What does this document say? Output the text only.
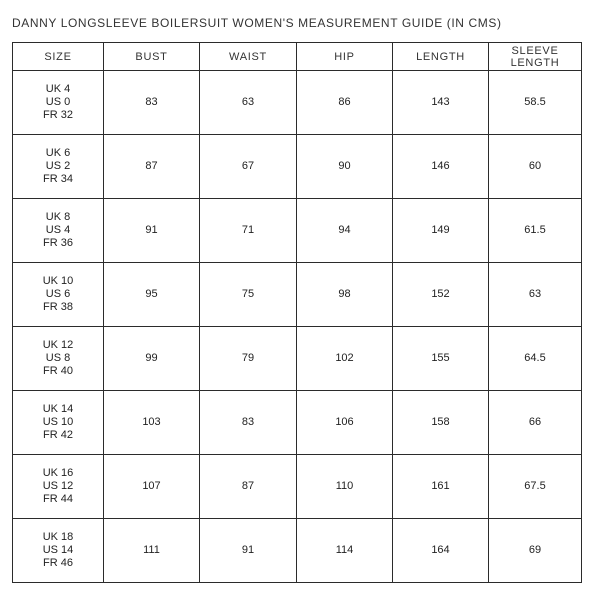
DANNY LONGSLEEVE BOILERSUIT WOMEN'S MEASUREMENT GUIDE (IN CMS)
SIZE	BUST	WAIST	HIP	LENGTH	SLEEVE LENGTH

UK 4
US 0
FR 32	83	63	86	143	58.5

UK 6
US 2
FR 34	87	67	90	146	60

UK 8
US 4
FR 36	91	71	94	149	61.5

UK 10
US 6
FR 38	95	75	98	152	63

UK 12
US 8
FR 40	99	79	102	155	64.5

UK 14
US 10
FR 42	103	83	106	158	66

UK 16
US 12
FR 44	107	87	110	161	67.5

UK 18
US 14
FR 46	111	91	114	164	69
